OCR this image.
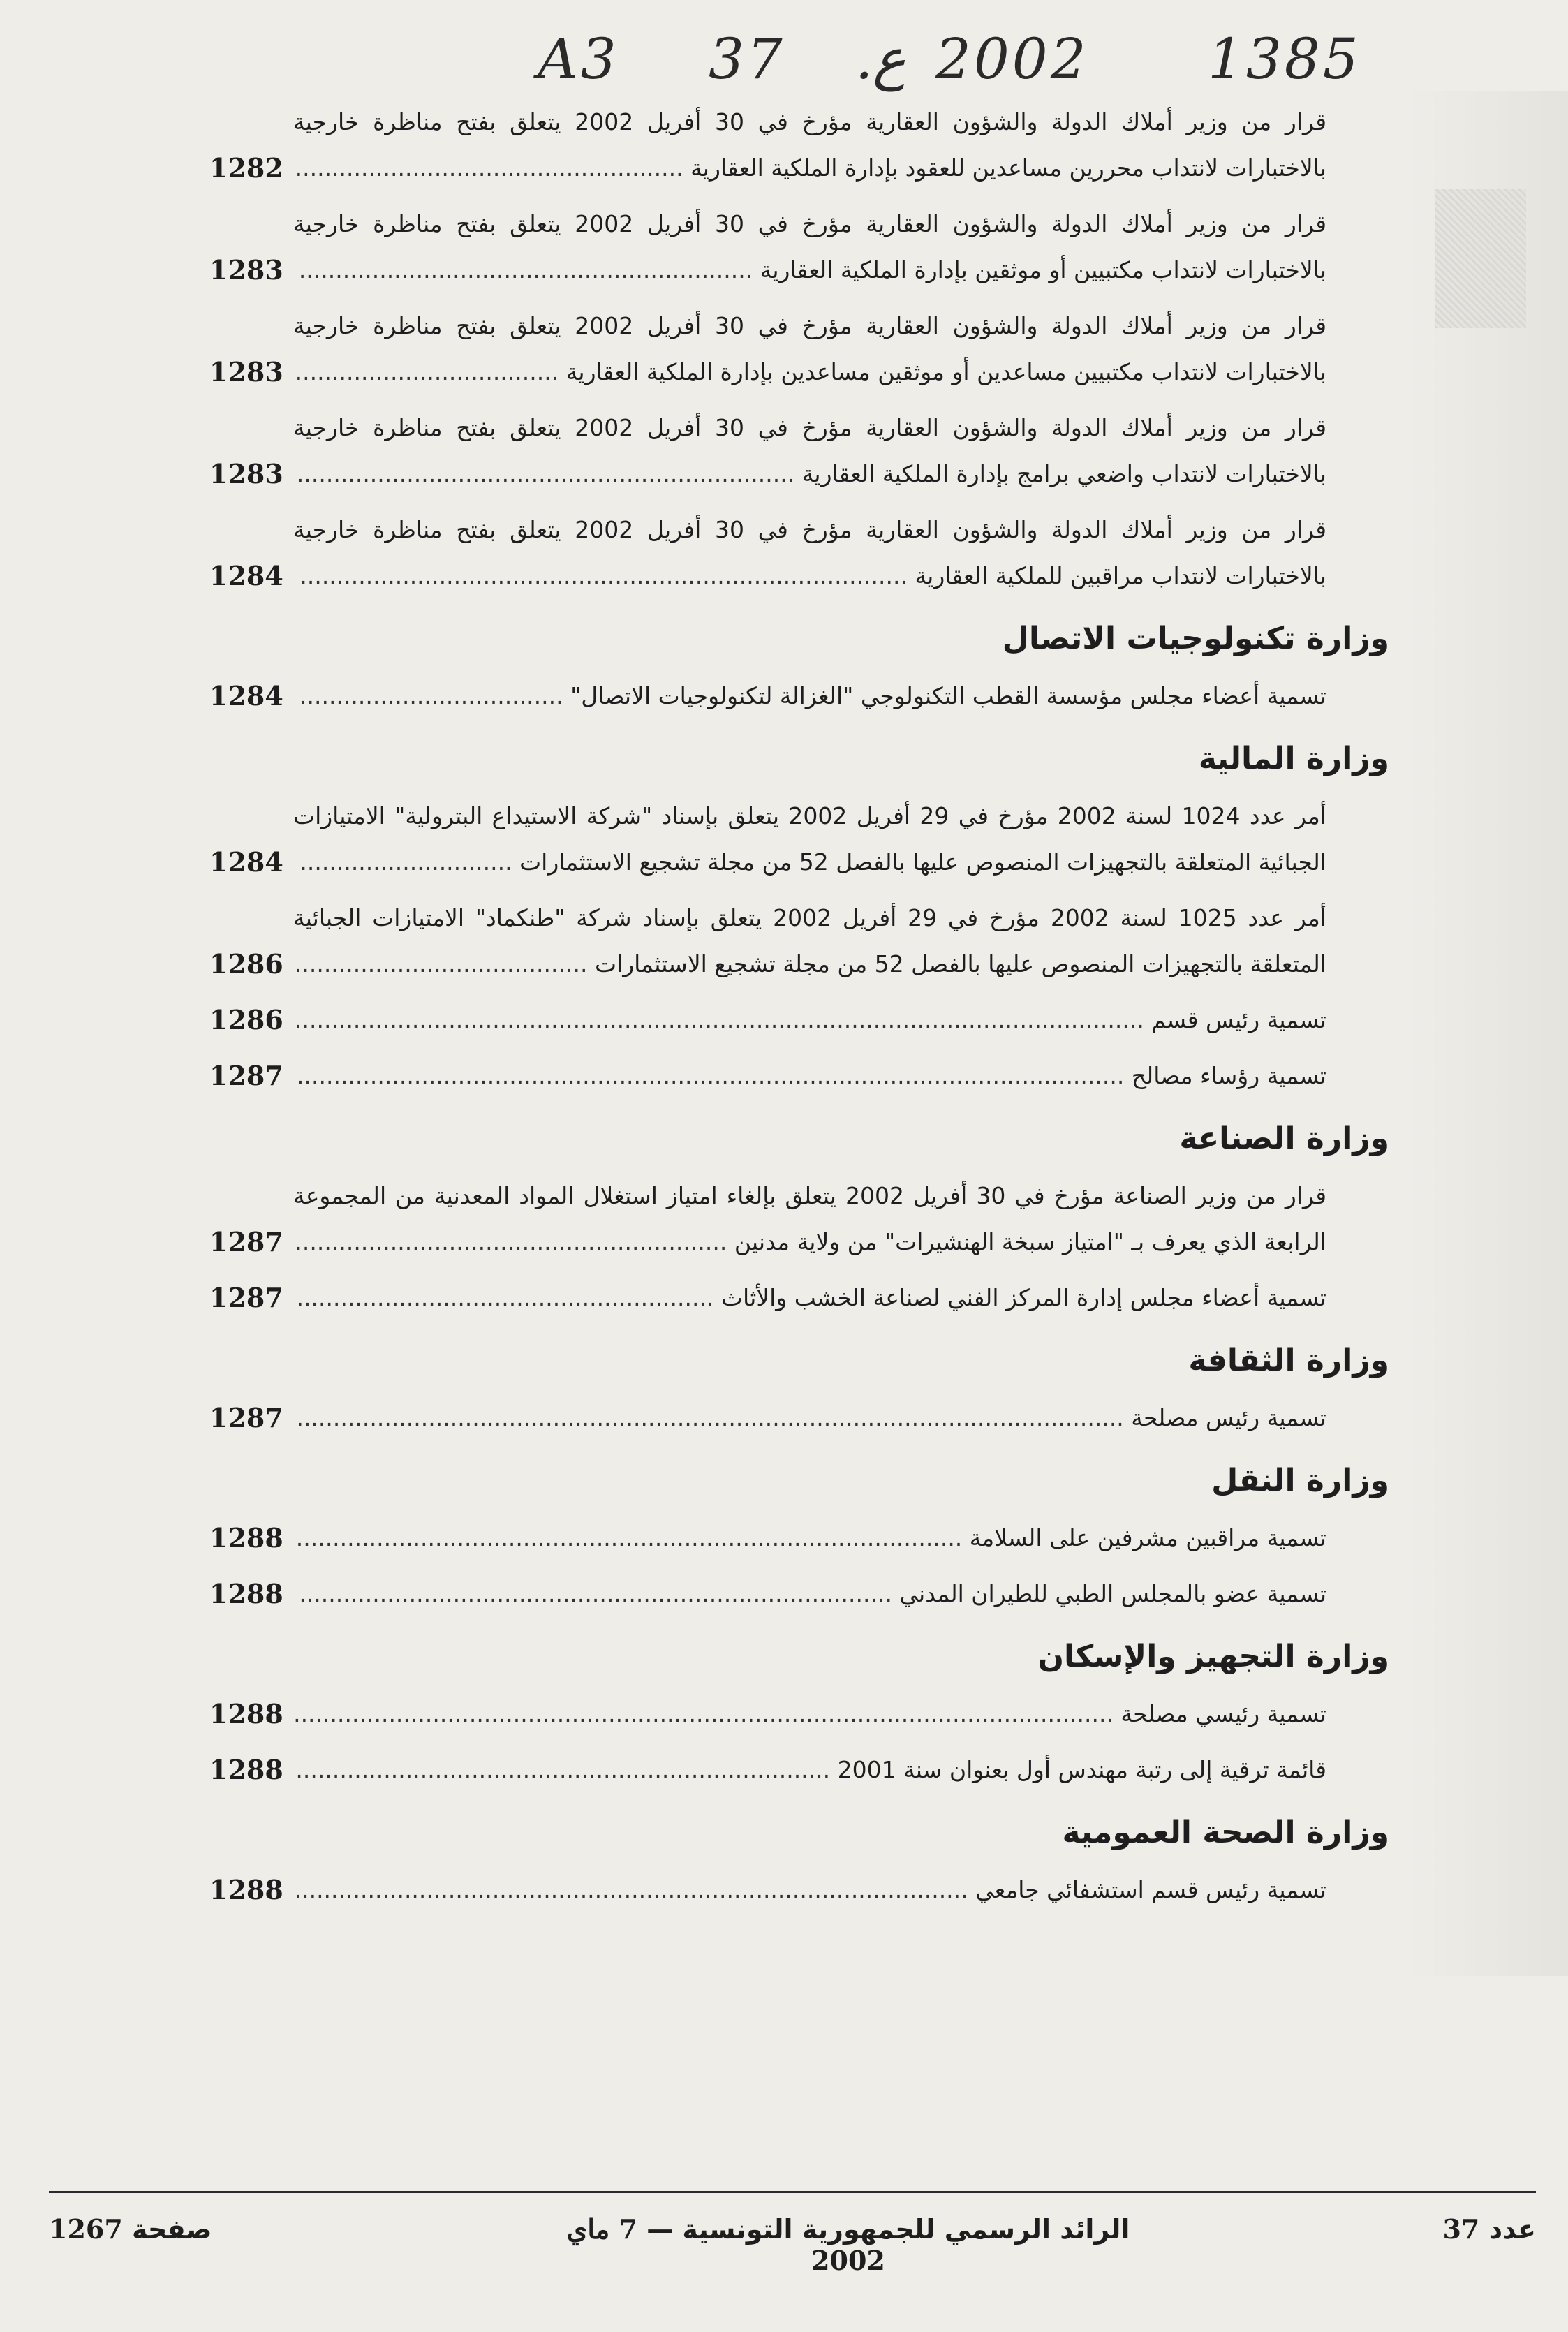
A3 37 .
ع 2002 1385
قرار من وزير أملاك الدولة والشؤون العقارية مؤرخ في 30 أفريل 2002 يتعلق بفتح مناظرة خارجية بالاختبارات لانتداب محررين مساعدين للعقود بإدارة الملكية العقارية .....................................................
1282
قرار من وزير أملاك الدولة والشؤون العقارية مؤرخ في 30 أفريل 2002 يتعلق بفتح مناظرة خارجية بالاختبارات لانتداب مكتبيين أو موثقين بإدارة الملكية العقارية ..............................................................
1283
قرار من وزير أملاك الدولة والشؤون العقارية مؤرخ في 30 أفريل 2002 يتعلق بفتح مناظرة خارجية بالاختبارات لانتداب مكتبيين مساعدين أو موثقين مساعدين بإدارة الملكية العقارية ....................................
1283
قرار من وزير أملاك الدولة والشؤون العقارية مؤرخ في 30 أفريل 2002 يتعلق بفتح مناظرة خارجية بالاختبارات لانتداب واضعي برامج بإدارة الملكية العقارية ....................................................................
1283
قرار من وزير أملاك الدولة والشؤون العقارية مؤرخ في 30 أفريل 2002 يتعلق بفتح مناظرة خارجية بالاختبارات لانتداب مراقبين للملكية العقارية ...................................................................................
1284
وزارة تكنولوجيات الاتصال
تسمية أعضاء مجلس مؤسسة القطب التكنولوجي "الغزالة لتكنولوجيات الاتصال" ....................................
1284
وزارة المالية
أمر عدد 1024 لسنة 2002 مؤرخ في 29 أفريل 2002 يتعلق بإسناد "شركة الاستيداع البترولية" الامتيازات الجبائية المتعلقة بالتجهيزات المنصوص عليها بالفصل 52 من مجلة تشجيع الاستثمارات .............................
1284
أمر عدد 1025 لسنة 2002 مؤرخ في 29 أفريل 2002 يتعلق بإسناد شركة "طنكماد" الامتيازات الجبائية المتعلقة بالتجهيزات المنصوص عليها بالفصل 52 من مجلة تشجيع الاستثمارات ........................................
1286
تسمية رئيس قسم ....................................................................................................................
1286
تسمية رؤساء مصالح .................................................................................................................
1287
وزارة الصناعة
قرار من وزير الصناعة مؤرخ في 30 أفريل 2002 يتعلق بإلغاء امتياز استغلال المواد المعدنية من المجموعة الرابعة الذي يعرف بـ "امتياز سبخة الهنشيرات" من ولاية مدنين ...........................................................
1287
تسمية أعضاء مجلس إدارة المركز الفني لصناعة الخشب والأثاث .........................................................
1287
وزارة الثقافة
تسمية رئيس مصلحة .................................................................................................................
1287
وزارة النقل
تسمية مراقبين مشرفين على السلامة ...........................................................................................
1288
تسمية عضو بالمجلس الطبي للطيران المدني .................................................................................
1288
وزارة التجهيز والإسكان
تسمية رئيسي مصلحة ................................................................................................................
1288
قائمة ترقية إلى رتبة مهندس أول بعنوان سنة 2001 .........................................................................
1288
وزارة الصحة العمومية
تسمية رئيس قسم استشفائي جامعي ............................................................................................
1288
عدد 37
الرائد الرسمي للجمهورية التونسية — 7 ماي 2002
صفحة 1267
